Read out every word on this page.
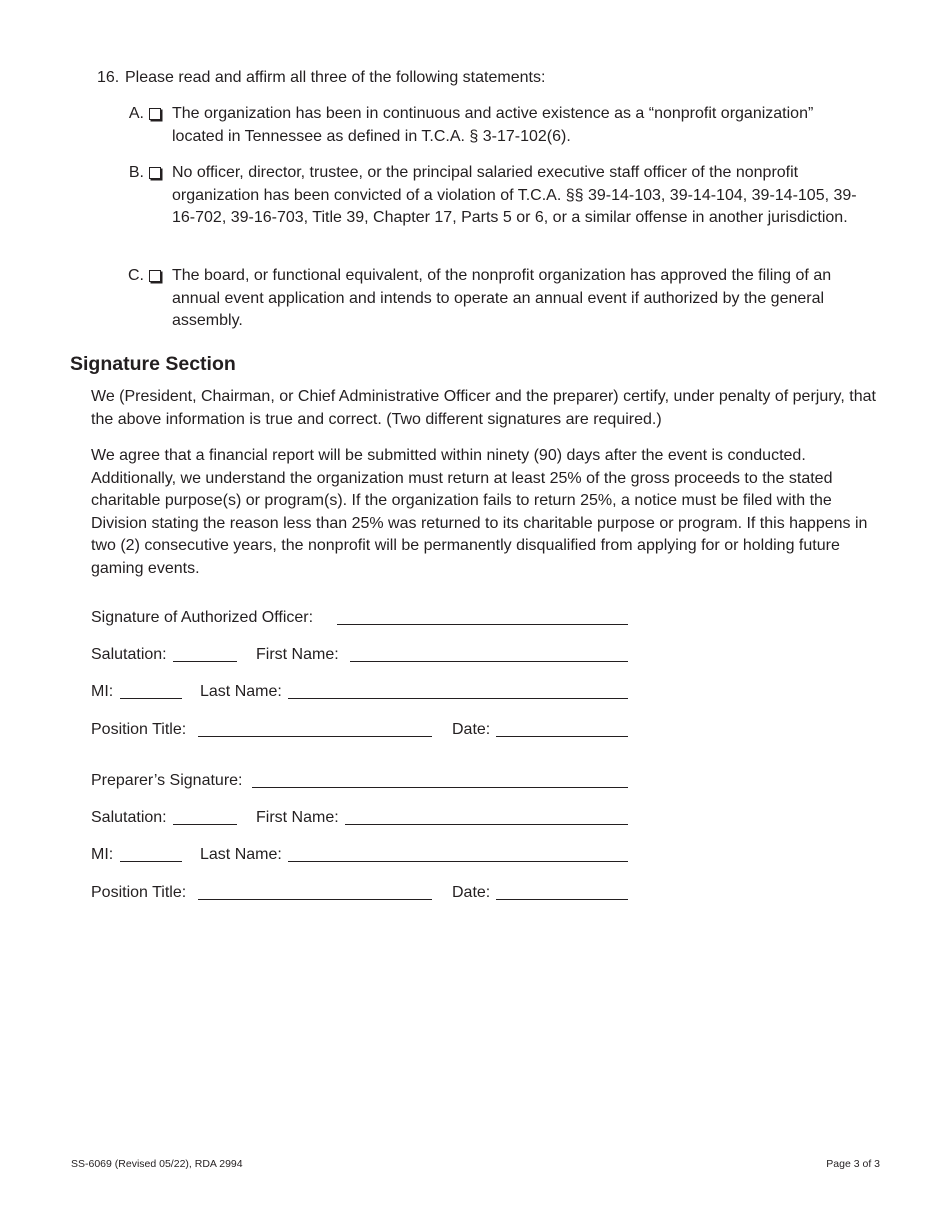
16. Please read and affirm all three of the following statements:
A. The organization has been in continuous and active existence as a “nonprofit organization” located in Tennessee as defined in T.C.A. § 3-17-102(6).
B. No officer, director, trustee, or the principal salaried executive staff officer of the nonprofit organization has been convicted of a violation of T.C.A. §§ 39-14-103, 39-14-104, 39-14-105, 39-16-702, 39-16-703, Title 39, Chapter 17, Parts 5 or 6, or a similar offense in another jurisdiction.
C. The board, or functional equivalent, of the nonprofit organization has approved the filing of an annual event application and intends to operate an annual event if authorized by the general assembly.
Signature Section

We (President, Chairman, or Chief Administrative Officer and the preparer) certify, under penalty of perjury, that the above information is true and correct. (Two different signatures are required.)

We agree that a financial report will be submitted within ninety (90) days after the event is conducted. Additionally, we understand the organization must return at least 25% of the gross proceeds to the stated charitable purpose(s) or program(s). If the organization fails to return 25%, a notice must be filed with the Division stating the reason less than 25% was returned to its charitable purpose or program. If this happens in two (2) consecutive years, the nonprofit will be permanently disqualified from applying for or holding future gaming events.

Signature of Authorized Officer:
Salutation:	First Name:
MI:	Last Name:
Position Title:	Date:
Preparer’s Signature:
Salutation:	First Name:
MI:	Last Name:
Position Title:	Date:
SS-6069 (Revised 05/22), RDA 2994	Page 3 of 3
